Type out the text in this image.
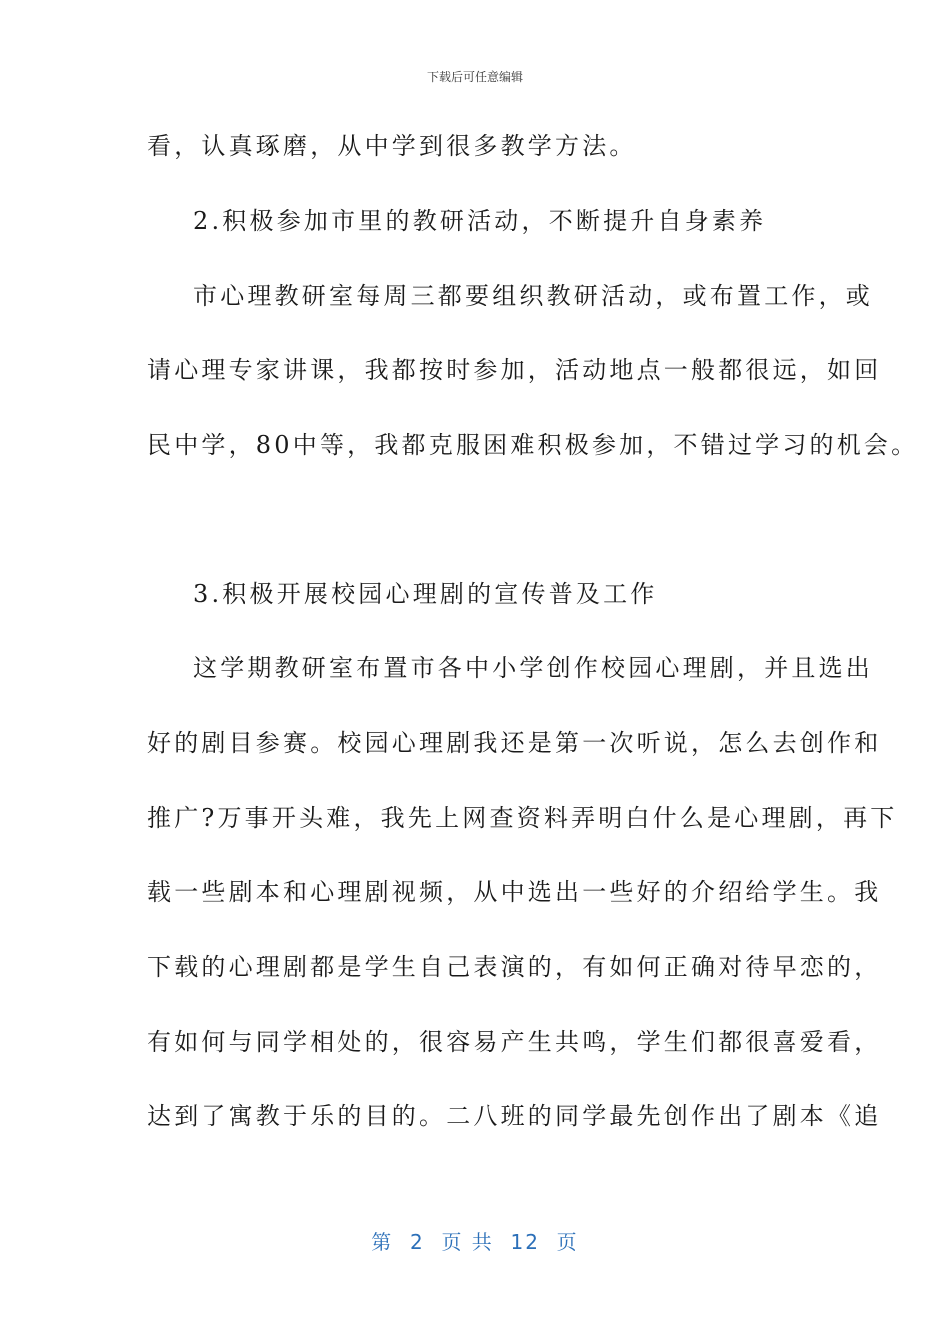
下载后可任意编辑
看，认真琢磨，从中学到很多教学方法。
2.积极参加市里的教研活动，不断提升自身素养
市心理教研室每周三都要组织教研活动，或布置工作，或
请心理专家讲课，我都按时参加，活动地点一般都很远，如回
民中学，80中等，我都克服困难积极参加，不错过学习的机会。
3.积极开展校园心理剧的宣传普及工作
这学期教研室布置市各中小学创作校园心理剧，并且选出
好的剧目参赛。校园心理剧我还是第一次听说，怎么去创作和
推广?万事开头难，我先上网查资料弄明白什么是心理剧，再下
载一些剧本和心理剧视频，从中选出一些好的介绍给学生。我
下载的心理剧都是学生自己表演的，有如何正确对待早恋的，
有如何与同学相处的，很容易产生共鸣，学生们都很喜爱看，
达到了寓教于乐的目的。二八班的同学最先创作出了剧本《追
第  2  页 共  12  页
